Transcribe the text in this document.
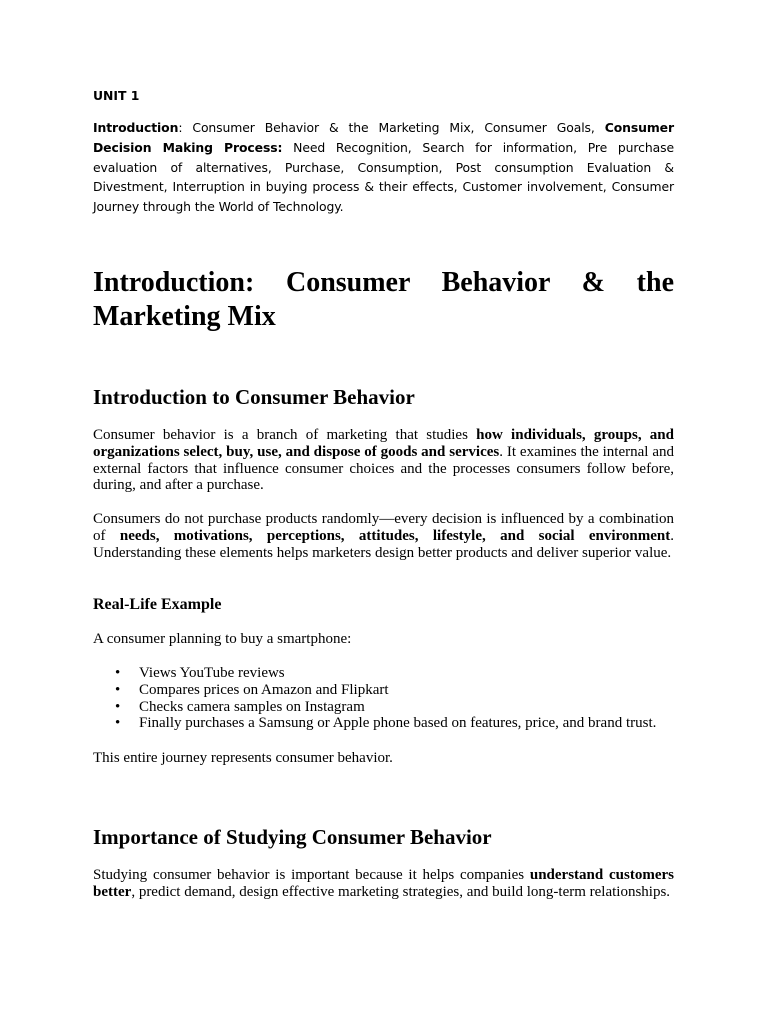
UNIT 1
Introduction: Consumer Behavior & the Marketing Mix, Consumer Goals, Consumer Decision Making Process: Need Recognition, Search for information, Pre purchase evaluation of alternatives, Purchase, Consumption, Post consumption Evaluation & Divestment, Interruption in buying process & their effects, Customer involvement, Consumer Journey through the World of Technology.
Introduction: Consumer Behavior & the
Marketing Mix
Introduction to Consumer Behavior
Consumer behavior is a branch of marketing that studies how individuals, groups, and organizations select, buy, use, and dispose of goods and services. It examines the internal and external factors that influence consumer choices and the processes consumers follow before, during, and after a purchase.
Consumers do not purchase products randomly—every decision is influenced by a combination of needs, motivations, perceptions, attitudes, lifestyle, and social environment. Understanding these elements helps marketers design better products and deliver superior value.
Real-Life Example
A consumer planning to buy a smartphone:
• Views YouTube reviews
• Compares prices on Amazon and Flipkart
• Checks camera samples on Instagram
• Finally purchases a Samsung or Apple phone based on features, price, and brand trust.
This entire journey represents consumer behavior.
Importance of Studying Consumer Behavior
Studying consumer behavior is important because it helps companies understand customers better, predict demand, design effective marketing strategies, and build long-term relationships.
